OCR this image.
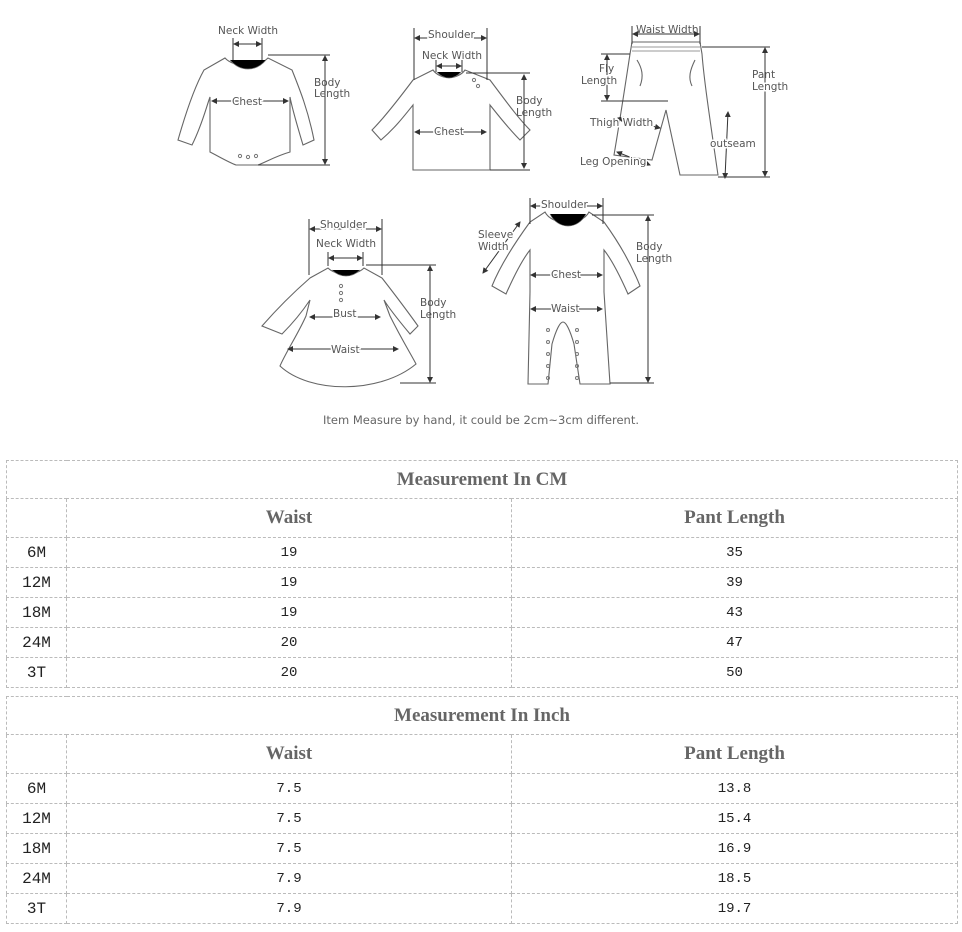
Neck Width
Chest
Body
Length
Shoulder
Neck Width
Chest
Body
Length
Waist Width
Fly
Length	Pant
Length
Thigh Width
outseam
Leg Opening
Shoulder
Neck Width
Bust
Waist
Body
Length
Shoulder
Sleeve
Width
Chest
Waist
Body
Length
Item Measure by hand, it could be 2cm~3cm different.
Measurement In CM		
	Waist	Pant Length
6M	19	35
12M	19	39
18M	19	43
24M	20	47
3T	20	50
Measurement In Inch		
	Waist	Pant Length
6M	7.5	13.8
12M	7.5	15.4
18M	7.5	16.9
24M	7.9	18.5
3T	7.9	19.7
